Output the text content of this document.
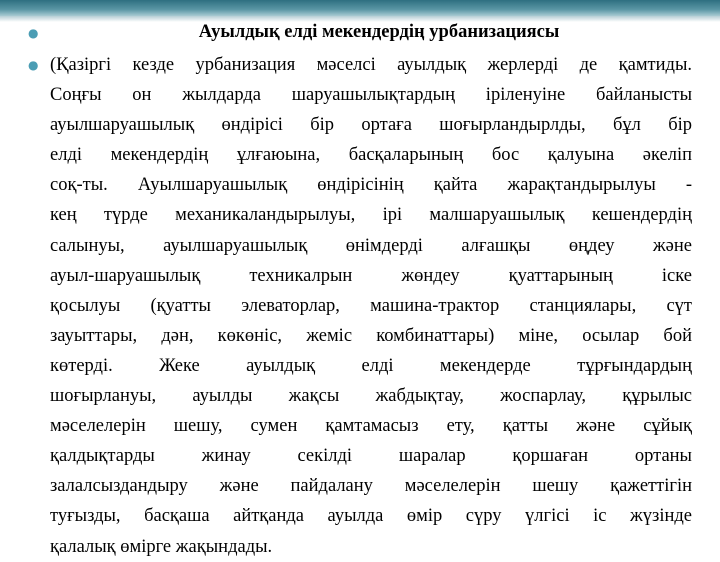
●	Ауылдық елді мекендердің урбанизациясы
● (Қазіргі кезде урбанизация мәселсі ауылдық жерлерді де қамтиды.
Соңғы он жылдарда шаруашылықтардың іріленуіне байланысты
ауылшаруашылық өндірісі бір ортаға шоғырландырлды, бұл бір
елді мекендердің ұлғаюына, басқаларының бос қалуына әкеліп
соқ-ты. Ауылшаруашылық өндірісінің қайта жарақтандырылуы -
кең түрде механикаландырылуы, ірі малшаруашылық кешендердің
салынуы, ауылшаруашылық өнімдерді алғашқы өңдеу және
ауыл-шаруашылық техникалрын жөндеу қуаттарының іске
қосылуы (қуатты элеваторлар, машина-трактор станциялары, сүт
зауыттары, дән, көкөніс, жеміс комбинаттары) міне, осылар бой
көтерді. Жеке ауылдық елді мекендерде тұрғындардың
шоғырлануы, ауылды жақсы жабдықтау, жоспарлау, құрылыс
мәселелерін шешу, сумен қамтамасыз ету, қатты және сұйық
қалдықтарды жинау секілді шаралар қоршаған ортаны
залалсыздандыру және пайдалану мәселелерін шешу қажеттігін
туғызды, басқаша айтқанда ауылда өмір сүру үлгісі іс жүзінде
қалалық өмірге жақындады.
